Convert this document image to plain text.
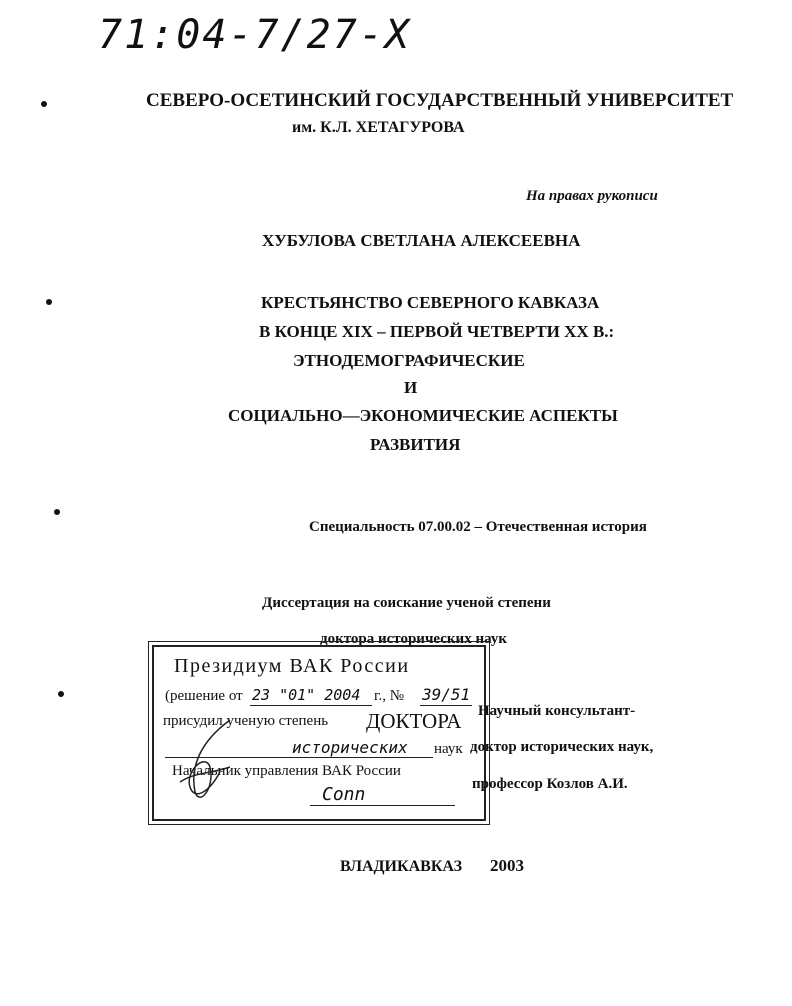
71:04-7/27-X
СЕВЕРО-ОСЕТИНСКИЙ ГОСУДАРСТВЕННЫЙ УНИВЕРСИТЕТ
им. К.Л. ХЕТАГУРОВА
На правах рукописи
ХУБУЛОВА СВЕТЛАНА АЛЕКСЕЕВНА
КРЕСТЬЯНСТВО СЕВЕРНОГО КАВКАЗА
В КОНЦЕ XIX – ПЕРВОЙ ЧЕТВЕРТИ XX В.:
ЭТНОДЕМОГРАФИЧЕСКИЕ
И
СОЦИАЛЬНО—ЭКОНОМИЧЕСКИЕ АСПЕКТЫ
РАЗВИТИЯ
Специальность 07.00.02 – Отечественная история
Диссертация на соискание ученой степени
доктора исторических наук
Президиум ВАК России
(решение от 23 "01" 2004 г., № 39/51
присудил ученую степень ДОКТОРА
исторических наук
Начальник управления ВАК России
Conn
Научный консультант-
доктор исторических наук,
профессор Козлов А.И.
ВЛАДИКАВКАЗ 2003
